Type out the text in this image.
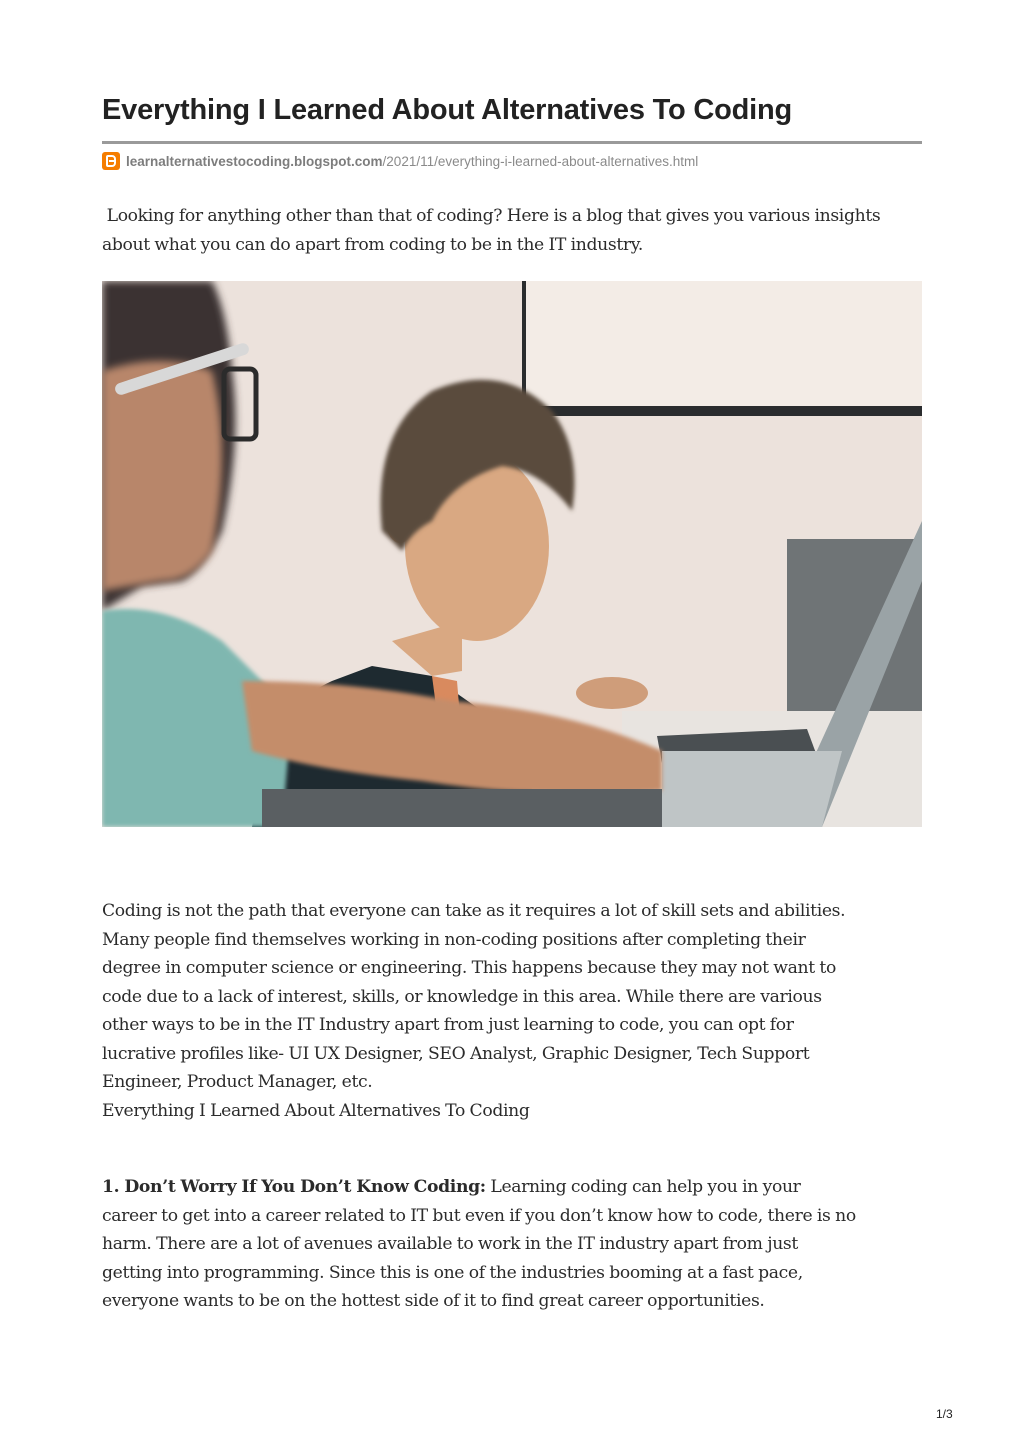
Everything I Learned About Alternatives To Coding
learnalternativestocoding.blogspot.com /2021/11/everything-i-learned-about-alternatives.html
Looking for anything other than that of coding? Here is a blog that gives you various insights about what you can do apart from coding to be in the IT industry.
Coding is not the path that everyone can take as it requires a lot of skill sets and abilities.
Many people find themselves working in non-coding positions after completing their
degree in computer science or engineering. This happens because they may not want to
code due to a lack of interest, skills, or knowledge in this area. While there are various
other ways to be in the IT Industry apart from just learning to code, you can opt for
lucrative profiles like- UI UX Designer, SEO Analyst, Graphic Designer, Tech Support
Engineer, Product Manager, etc.
Everything I Learned About Alternatives To Coding
1. Don’t Worry If You Don’t Know Coding: Learning coding can help you in your
career to get into a career related to IT but even if you don’t know how to code, there is no
harm. There are a lot of avenues available to work in the IT industry apart from just
getting into programming. Since this is one of the industries booming at a fast pace,
everyone wants to be on the hottest side of it to find great career opportunities.
1/3
